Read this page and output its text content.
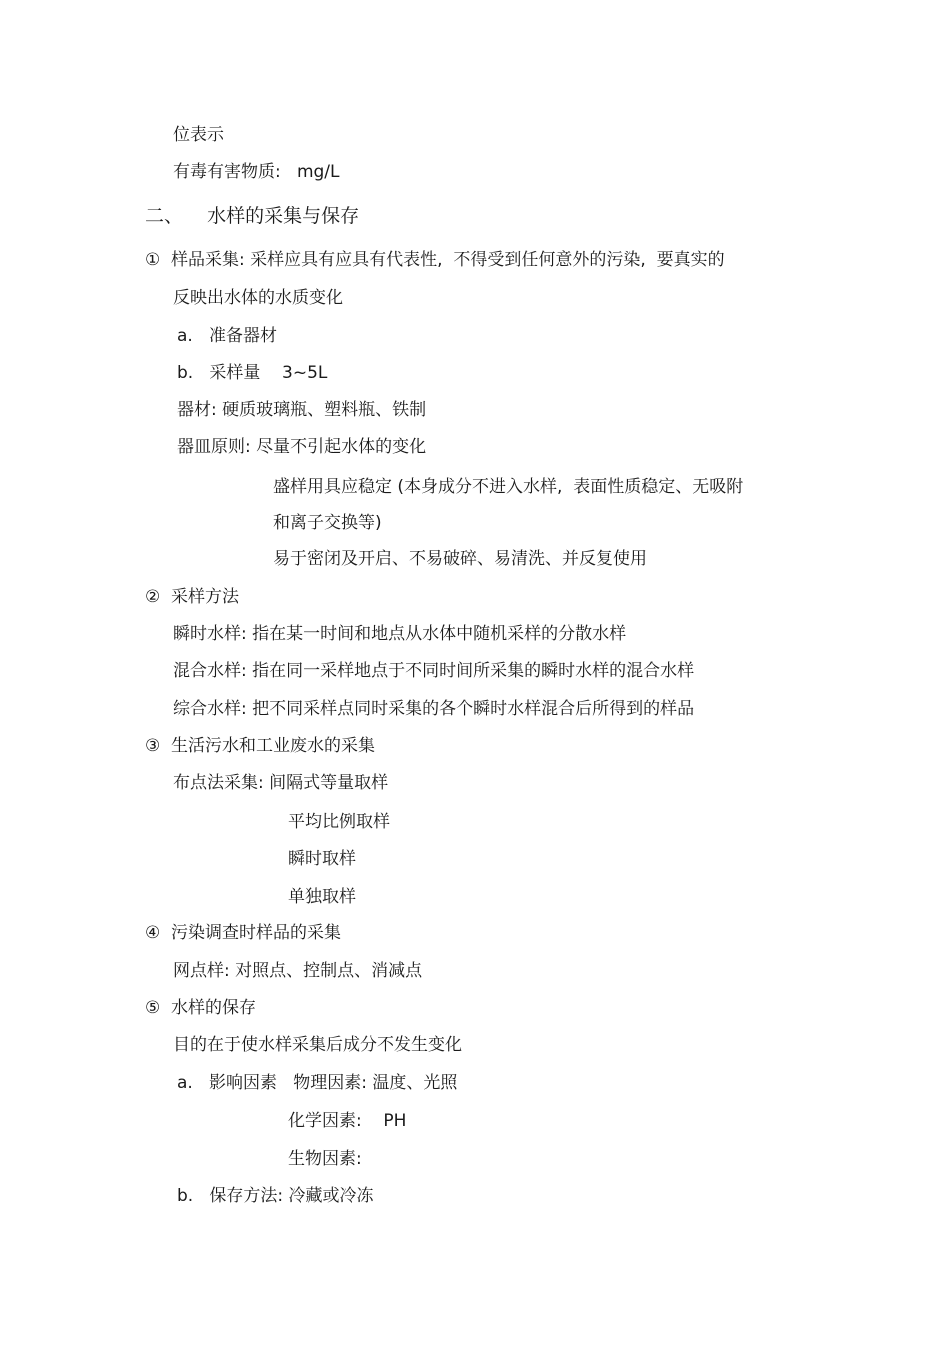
位表示
有毒有害物质:   mg/L
二、    水样的采集与保存
①  样品采集: 采样应具有应具有代表性,  不得受到任何意外的污染,  要真实的
反映出水体的水质变化
a.   准备器材
b.   采样量    3~5L
器材: 硬质玻璃瓶、塑料瓶、铁制
器皿原则: 尽量不引起水体的变化
盛样用具应稳定 (本身成分不进入水样,  表面性质稳定、无吸附
和离子交换等)
易于密闭及开启、不易破碎、易清洗、并反复使用
②  采样方法
瞬时水样: 指在某一时间和地点从水体中随机采样的分散水样
混合水样: 指在同一采样地点于不同时间所采集的瞬时水样的混合水样
综合水样: 把不同采样点同时采集的各个瞬时水样混合后所得到的样品
③  生活污水和工业废水的采集
布点法采集: 间隔式等量取样
平均比例取样
瞬时取样
单独取样
④  污染调查时样品的采集
网点样: 对照点、控制点、消减点
⑤  水样的保存
目的在于使水样采集后成分不发生变化
a.   影响因素   物理因素: 温度、光照
化学因素:    PH
生物因素:
b.   保存方法: 冷藏或冷冻
